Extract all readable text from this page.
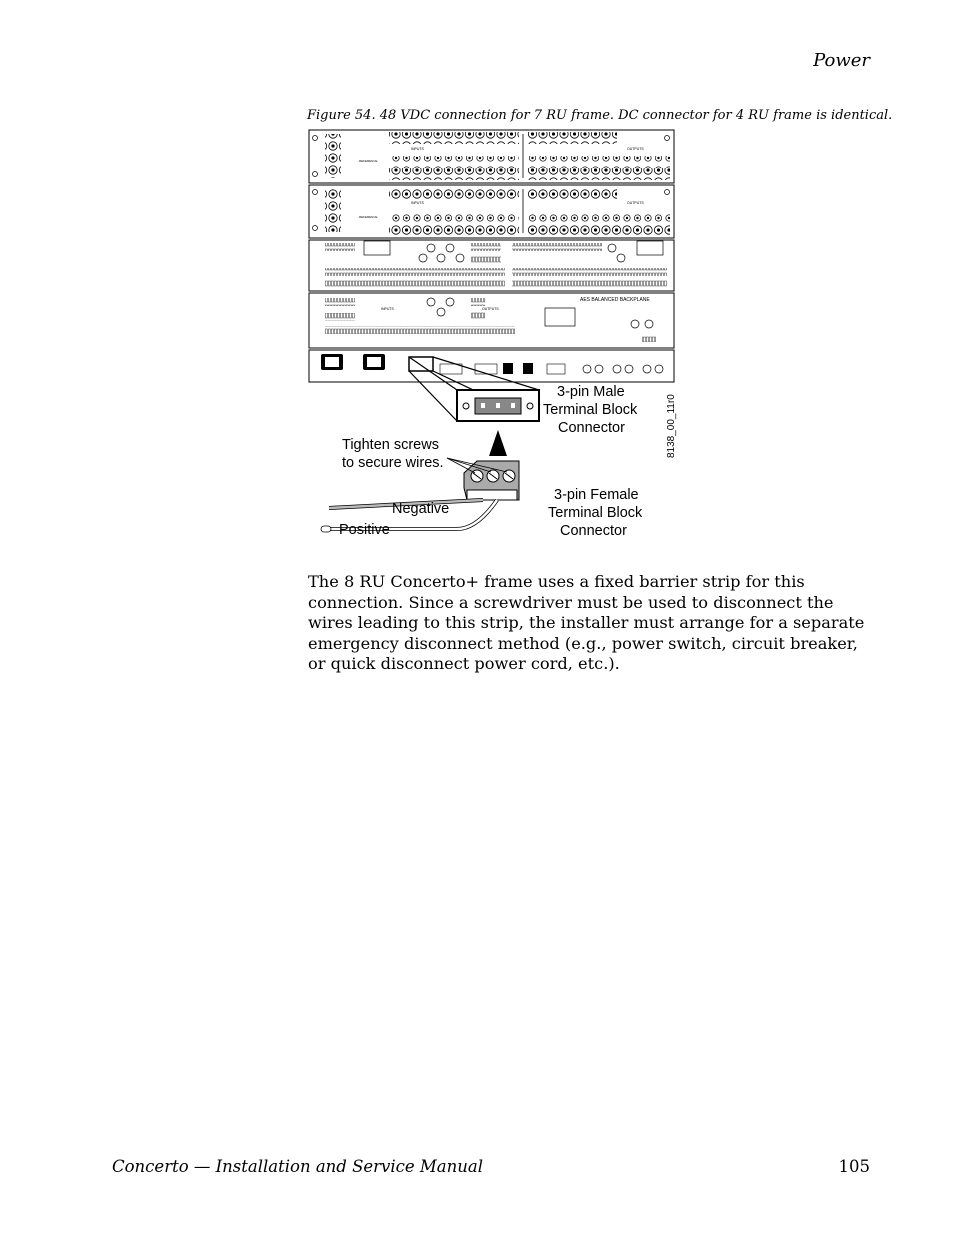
Power
Figure 54. 48 VDC connection for 7 RU frame. DC connector for 4 RU frame is identical.
INPUTS	OUTPUTS
REFERENCE
INPUTS	OUTPUTS
REFERENCE
INPUTS	OUTPUTS
AES BALANCED BACKPLANE
3-pin Male
Terminal Block
Connector
Tighten screws
to secure wires.
Negative
Positive
3-pin Female
Terminal Block
Connector
8138_00_11r0
The 8 RU Concerto+ frame uses a fixed barrier strip for this connection. Since a screwdriver must be used to disconnect the wires leading to this strip, the installer must arrange for a separate emergency disconnect method (e.g., power switch, circuit breaker, or quick disconnect power cord, etc.).
Concerto — Installation and Service Manual	105
